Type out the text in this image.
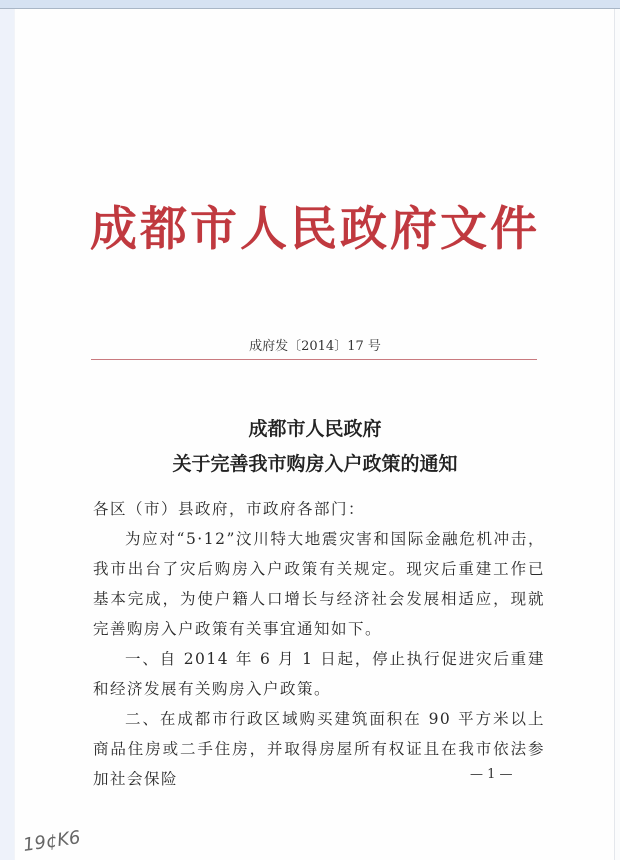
成都市人民政府文件
成府发〔2014〕17 号
成都市人民政府
关于完善我市购房入户政策的通知

各区（市）县政府，市政府各部门：

为应对“5·12”汶川特大地震灾害和国际金融危机冲击，我市出台了灾后购房入户政策有关规定。现灾后重建工作已基本完成，为使户籍人口增长与经济社会发展相适应，现就完善购房入户政策有关事宜通知如下。

一、自 2014 年 6 月 1 日起，停止执行促进灾后重建和经济发展有关购房入户政策。

二、在成都市行政区域购买建筑面积在 90 平方米以上商品住房或二手住房，并取得房屋所有权证且在我市依法参加社会保险	— 1 —
19¢K6
